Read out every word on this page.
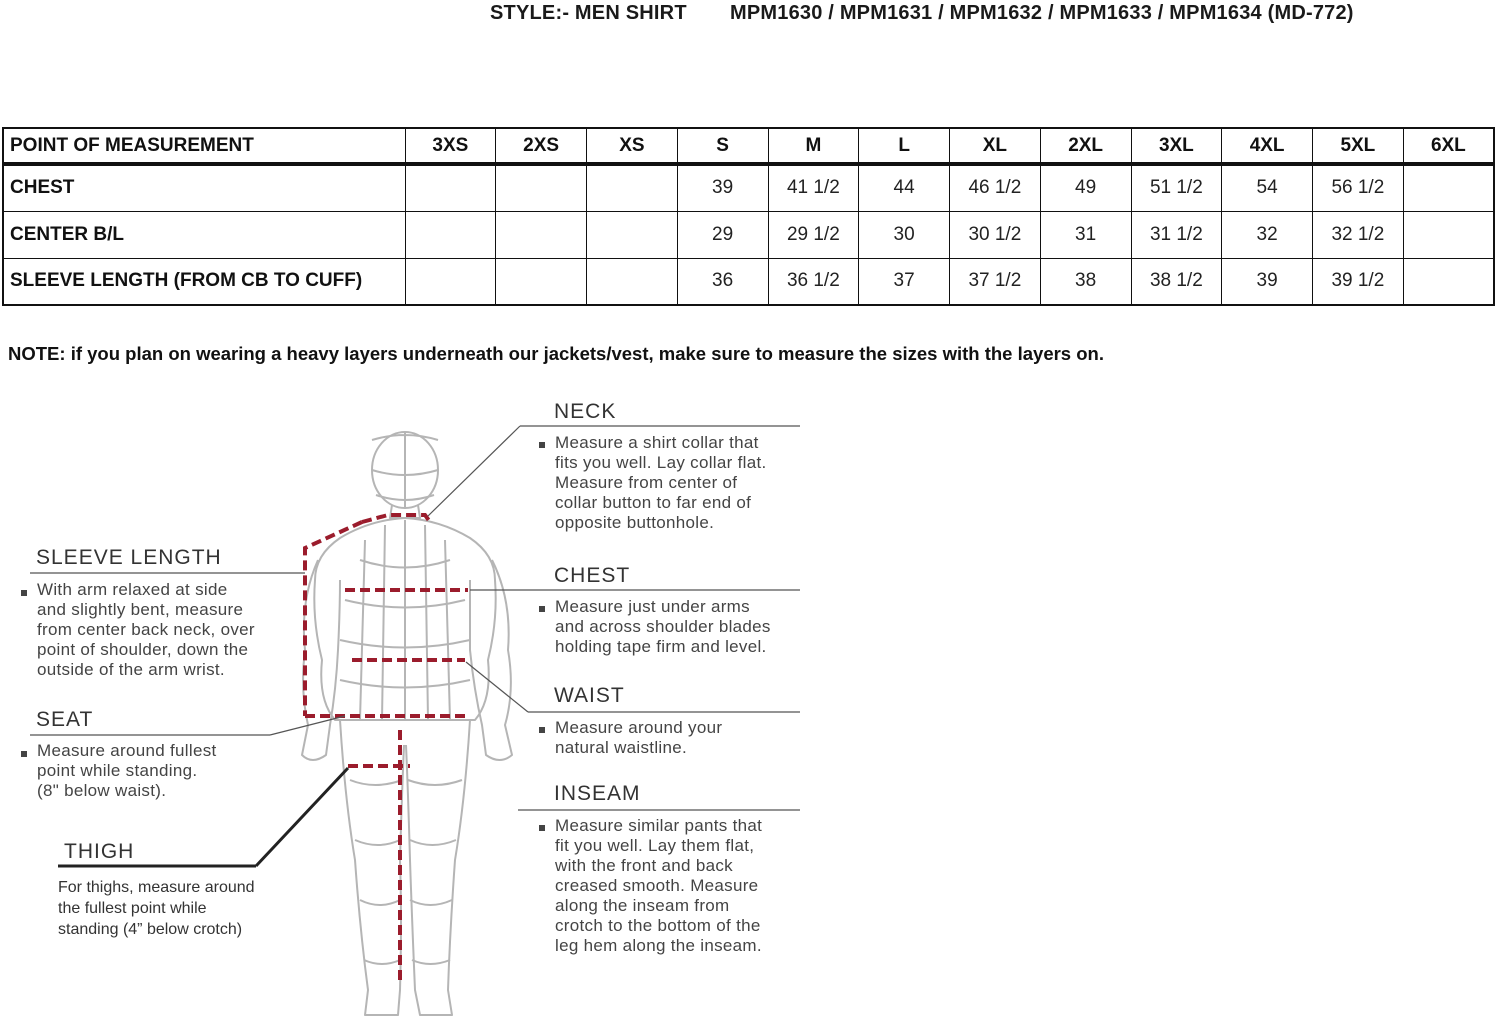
STYLE:- MEN SHIRT MPM1630 / MPM1631 / MPM1632 / MPM1633 / MPM1634 (MD-772)
POINT OF MEASUREMENT	3XS	2XS	XS	S	M	L	XL	2XL	3XL	4XL	5XL	6XL
CHEST				39	41 1/2	44	46 1/2	49	51 1/2	54	56 1/2	
CENTER B/L				29	29 1/2	30	30 1/2	31	31 1/2	32	32 1/2	
SLEEVE LENGTH (FROM CB TO CUFF)				36	36 1/2	37	37 1/2	38	38 1/2	39	39 1/2	
NOTE: if you plan on wearing a heavy layers underneath our jackets/vest, make sure to measure the sizes with the layers on.
NECK
Measure a shirt collar that
fits you well. Lay collar flat.
Measure from center of
collar button to far end of
opposite buttonhole.
CHEST
Measure just under arms
and across shoulder blades
holding tape firm and level.
WAIST
Measure around your
natural waistline.
INSEAM
Measure similar pants that
fit you well. Lay them flat,
with the front and back
creased smooth. Measure
along the inseam from
crotch to the bottom of the
leg hem along the inseam.
SLEEVE LENGTH
With arm relaxed at side
and slightly bent, measure
from center back neck, over
point of shoulder, down the
outside of the arm wrist.
SEAT
Measure around fullest
point while standing.
(8" below waist).
THIGH
For thighs, measure around
the fullest point while
standing (4” below crotch)
